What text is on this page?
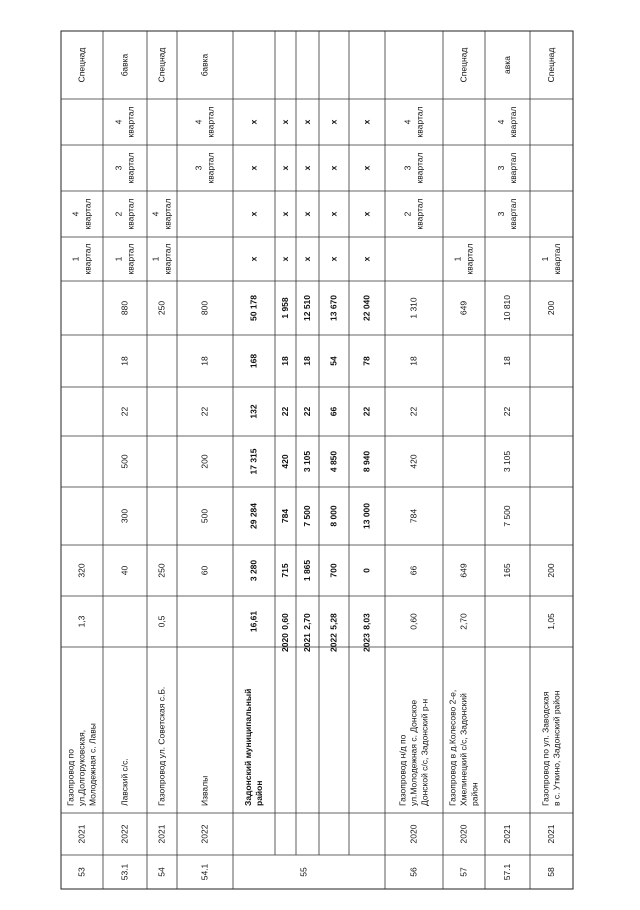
53
2021
1,3
320
Газопровод по ул.Долгоруковская, Молодежная с. Лавы
1 квартал
4 квартал
Спецнад
53.1
2022
40
300
500
22
18
880
Лавский с/с.
1 квартал
2 квартал
3 квартал
4 квартал
бавка
54
2021
0,5
250
250
Газопровод ул. Советская с.Б.
1 квартал
4 квартал
Спецнад
54.1
2022
60
500
200
22
18
800
Извалы
3 квартал
4 квартал
бавка
16,61
3 280
29 284
17 315
132
168
50 178
Задонский муниципальный район
х
х
х
х
0,60
715
784
420
22
18
1 958
2020
х
х
х
х
2,70
1 865
7 500
3 105
22
18
12 510
2021
х
х
х
х
5,28
700
8 000
4 850
66
54
13 670
2022
х
х
х
х
8,03
0
13 000
8 940
22
78
22 040
2023
х
х
х
х
56
2020
0,60
66
784
420
22
18
1 310
Газопровод н/д по ул.Молодежная с. Донское Донской с/с, Задонский р-н
2 квартал
3 квартал
4 квартал
57
2020
2,70
649
649
Газопровод в д.Колесово 2-е, Хмелинецкий с/с, Задонский район
1 квартал
Спецнад
57.1
2021
165
7 500
3 105
22
18
10 810
3 квартал
3 квартал
4 квартал
авка
58
2021
1,05
200
200
Газопровод по ул. Заводская в с. Уткино, Задонский район
1 квартал
Спецнад
55
